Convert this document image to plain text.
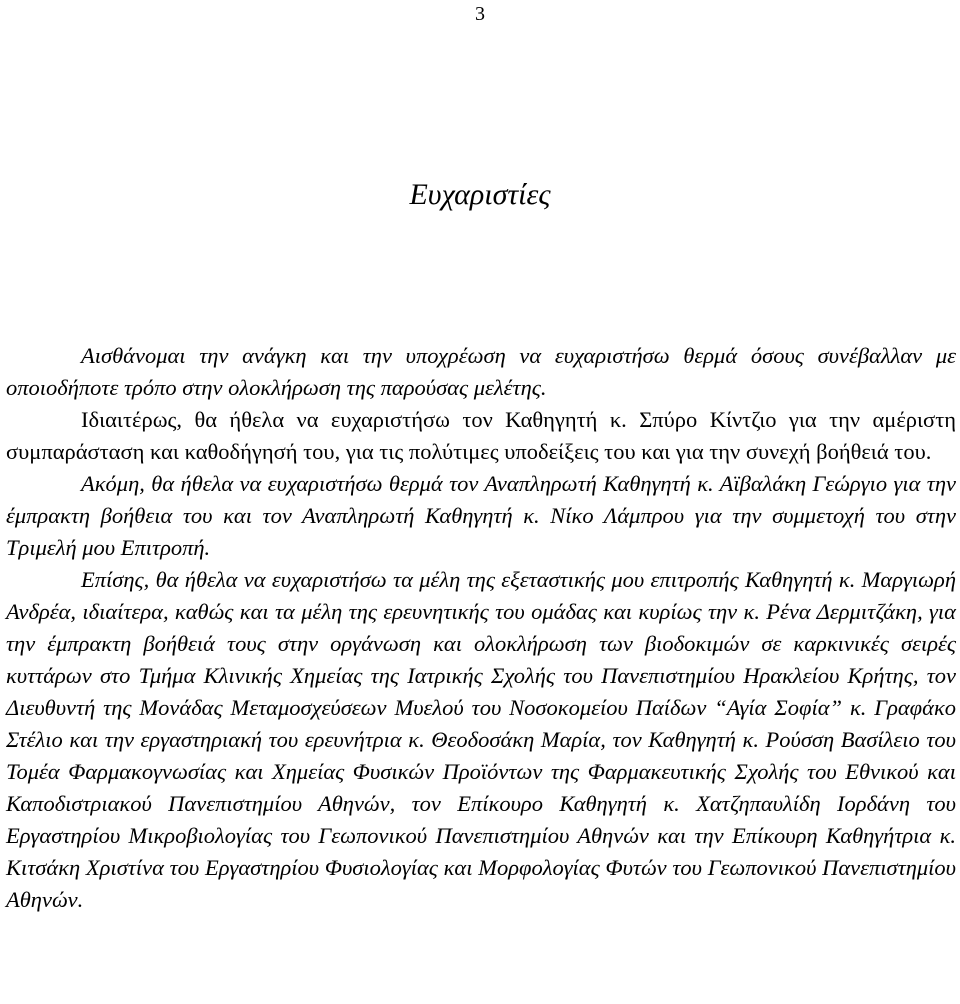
3
Ευχαριστίες

Αισθάνομαι την ανάγκη και την υποχρέωση να ευχαριστήσω θερμά όσους συνέβαλλαν με οποιοδήποτε τρόπο στην ολοκλήρωση της παρούσας μελέτης.

Ιδιαιτέρως, θα ήθελα να ευχαριστήσω τον Καθηγητή κ. Σπύρο Κίντζιο για την αμέριστη συμπαράσταση και καθοδήγησή του, για τις πολύτιμες υποδείξεις του και για την συνεχή βοήθειά του.

Ακόμη, θα ήθελα να ευχαριστήσω θερμά τον Αναπληρωτή Καθηγητή κ. Αϊβαλάκη Γεώργιο για την έμπρακτη βοήθεια του και τον Αναπληρωτή Καθηγητή κ. Νίκο Λάμπρου για την συμμετοχή του στην Τριμελή μου Επιτροπή.

Επίσης, θα ήθελα να ευχαριστήσω τα μέλη της εξεταστικής μου επιτροπής Καθηγητή κ. Μαργιωρή Ανδρέα, ιδιαίτερα, καθώς και τα μέλη της ερευνητικής του ομάδας και κυρίως την κ. Ρένα Δερμιτζάκη, για την έμπρακτη βοήθειά τους στην οργάνωση και ολοκλήρωση των βιοδοκιμών σε καρκινικές σειρές κυττάρων στο Τμήμα Κλινικής Χημείας της Ιατρικής Σχολής του Πανεπιστημίου Ηρακλείου Κρήτης, τον Διευθυντή της Μονάδας Μεταμοσχεύσεων Μυελού του Νοσοκομείου Παίδων “Αγία Σοφία” κ. Γραφάκο Στέλιο και την εργαστηριακή του ερευνήτρια κ. Θεοδοσάκη Μαρία, τον Καθηγητή κ. Ρούσση Βασίλειο του Τομέα Φαρμακογνωσίας και Χημείας Φυσικών Προϊόντων της Φαρμακευτικής Σχολής του Εθνικού και Καποδιστριακού Πανεπιστημίου Αθηνών, τον Επίκουρο Καθηγητή κ. Χατζηπαυλίδη Ιορδάνη του Εργαστηρίου Μικροβιολογίας του Γεωπονικού Πανεπιστημίου Αθηνών και την Επίκουρη Καθηγήτρια κ. Κιτσάκη Χριστίνα του Εργαστηρίου Φυσιολογίας και Μορφολογίας Φυτών του Γεωπονικού Πανεπιστημίου Αθηνών.
